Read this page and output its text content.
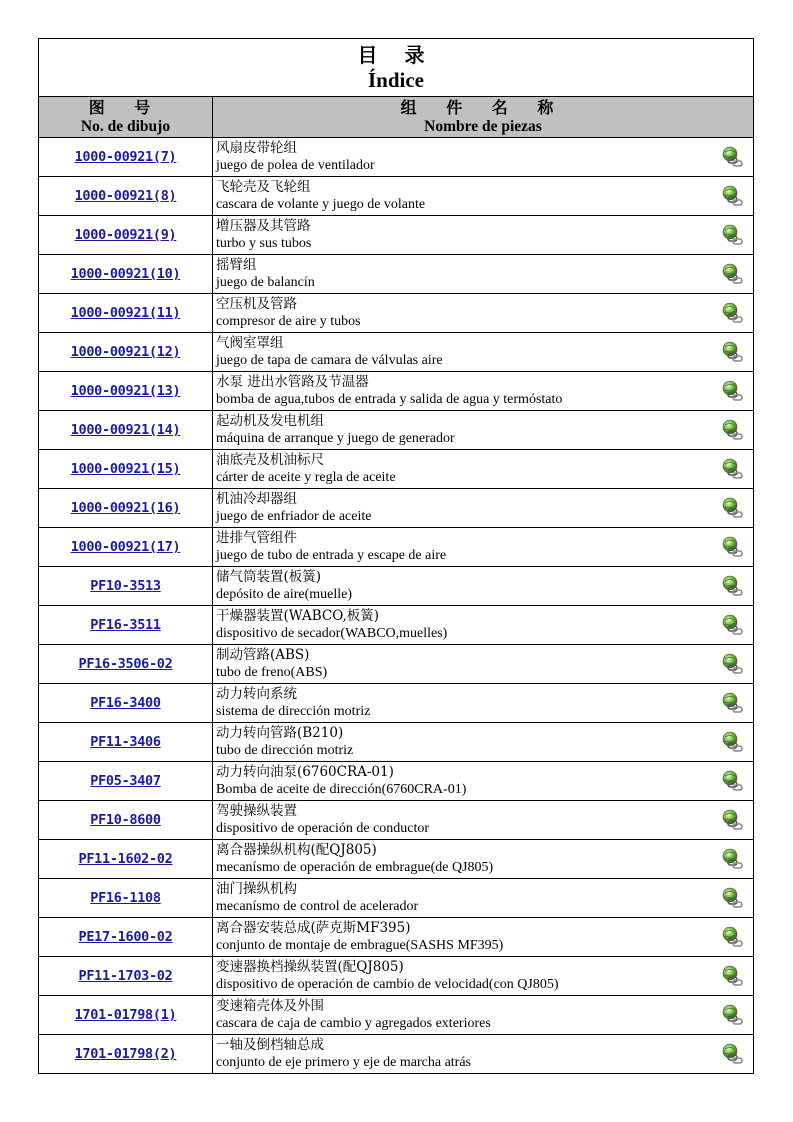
目 录
Índice
图 号
No. de dibujo
组 件 名 称
Nombre de piezas
1000-00921(7)
风扇皮带轮组
juego de polea de ventilador
1000-00921(8)
飞轮壳及飞轮组
cascara de volante y juego de volante
1000-00921(9)
增压器及其管路
turbo y sus tubos
1000-00921(10)
摇臂组
juego de balancín
1000-00921(11)
空压机及管路
compresor de aire y tubos
1000-00921(12)
气阀室罩组
juego de tapa de camara de válvulas aire
1000-00921(13)
水泵 进出水管路及节温器
bomba de agua,tubos de entrada y salida de agua y termóstato
1000-00921(14)
起动机及发电机组
máquina de arranque y juego de generador
1000-00921(15)
油底壳及机油标尺
cárter de aceite y regla de aceite
1000-00921(16)
机油冷却器组
juego de enfriador de aceite
1000-00921(17)
进排气管组件
juego de tubo de entrada y escape de aire
PF10-3513
储气筒装置(板簧)
depósito de aire(muelle)
PF16-3511
干燥器装置(WABCO,板簧)
dispositivo de secador(WABCO,muelles)
PF16-3506-02
制动管路(ABS)
tubo de freno(ABS)
PF16-3400
动力转向系统
sistema de dirección motriz
PF11-3406
动力转向管路(B210)
tubo de dirección motriz
PF05-3407
动力转向油泵(6760CRA-01)
Bomba de aceite de dirección(6760CRA-01)
PF10-8600
驾驶操纵装置
dispositivo de operación de conductor
PF11-1602-02
离合器操纵机构(配QJ805)
mecanísmo de operación de embrague(de QJ805)
PF16-1108
油门操纵机构
mecanísmo de control de acelerador
PE17-1600-02
离合器安装总成(萨克斯MF395)
conjunto de montaje de embrague(SASHS MF395)
PF11-1703-02
变速器换档操纵装置(配QJ805)
dispositivo de operación de cambio de velocidad(con QJ805)
1701-01798(1)
变速箱壳体及外围
cascara de caja de cambio y agregados exteriores
1701-01798(2)
一轴及倒档轴总成
conjunto de eje primero y eje de marcha atrás
